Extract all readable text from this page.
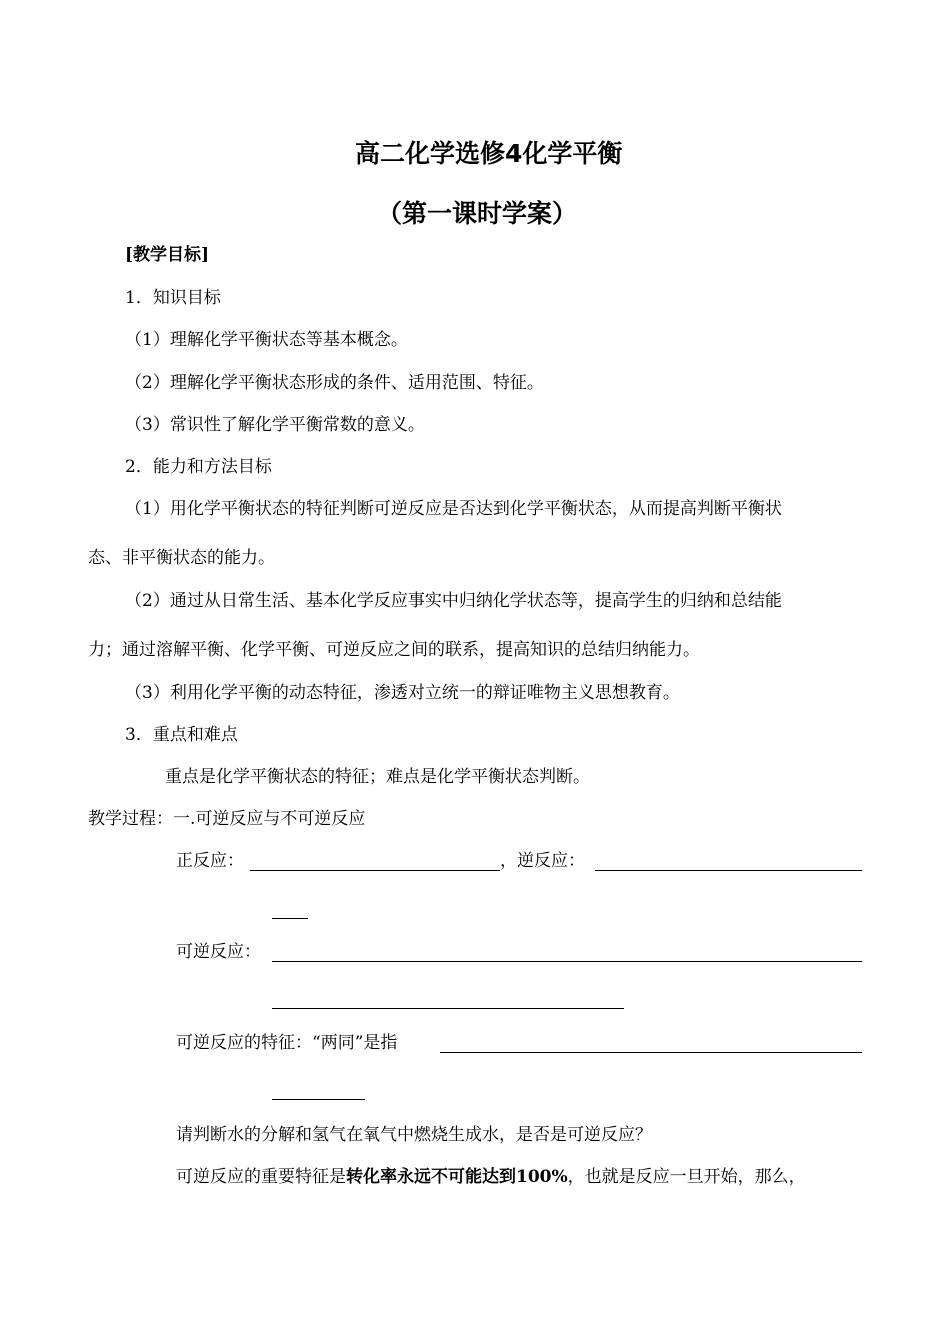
高二化学选修4化学平衡
（第一课时学案）
[教学目标]
1．知识目标
（1）理解化学平衡状态等基本概念。
（2）理解化学平衡状态形成的条件、适用范围、特征。
（3）常识性了解化学平衡常数的意义。
2．能力和方法目标
（1）用化学平衡状态的特征判断可逆反应是否达到化学平衡状态，从而提高判断平衡状
态、非平衡状态的能力。
（2）通过从日常生活、基本化学反应事实中归纳化学状态等，提高学生的归纳和总结能
力；通过溶解平衡、化学平衡、可逆反应之间的联系，提高知识的总结归纳能力。
（3）利用化学平衡的动态特征，渗透对立统一的辩证唯物主义思想教育。
3．重点和难点
重点是化学平衡状态的特征；难点是化学平衡状态判断。
教学过程：一.可逆反应与不可逆反应
正反应：	，逆反应：
可逆反应：
可逆反应的特征：“两同”是指
请判断水的分解和氢气在氧气中燃烧生成水，是否是可逆反应？
可逆反应的重要特征是转化率永远不可能达到100%，也就是反应一旦开始，那么，
